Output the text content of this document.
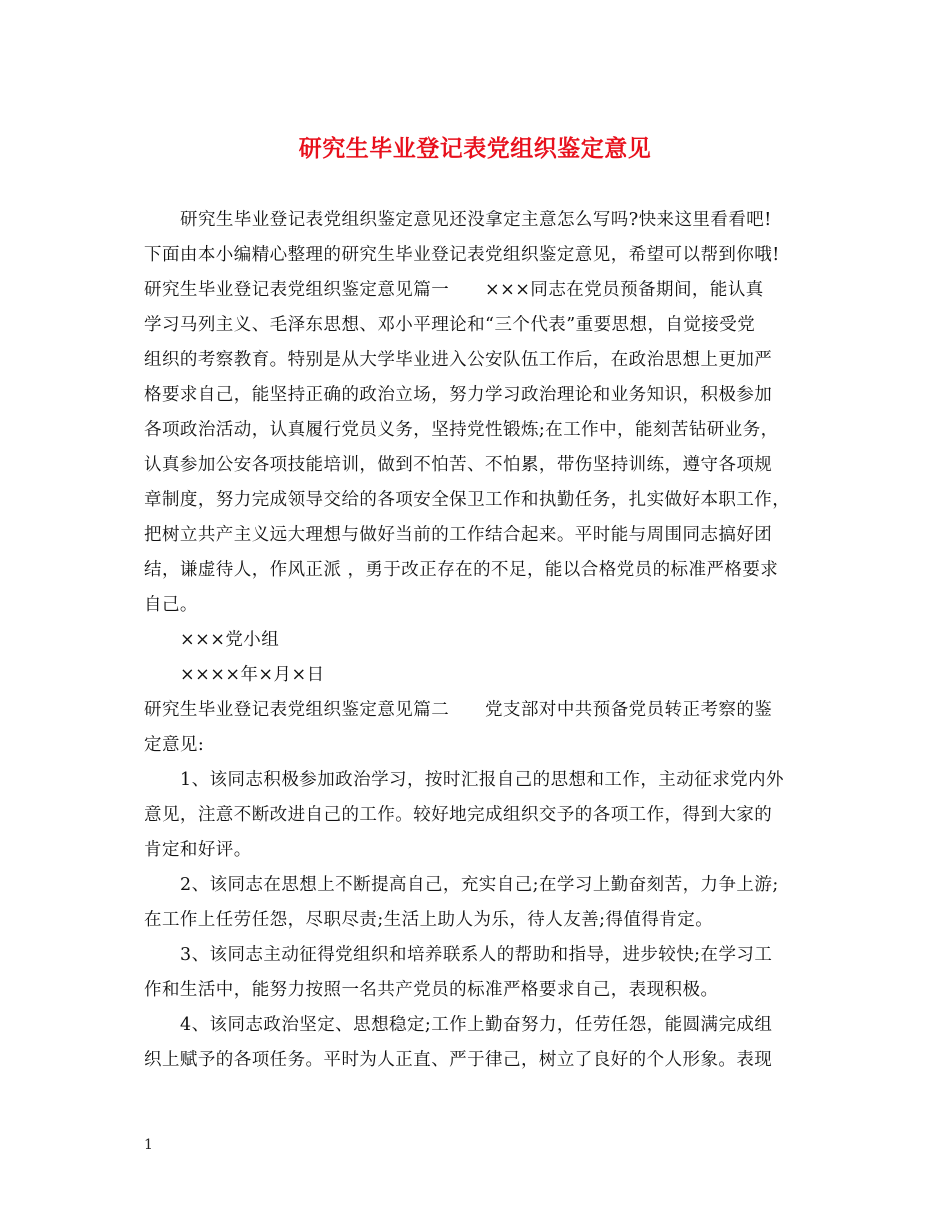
研究生毕业登记表党组织鉴定意见
研究生毕业登记表党组织鉴定意见还没拿定主意怎么写吗?快来这里看看吧!
下面由本小编精心整理的研究生毕业登记表党组织鉴定意见，希望可以帮到你哦!
研究生毕业登记表党组织鉴定意见篇一　　×××同志在党员预备期间，能认真
学习马列主义、毛泽东思想、邓小平理论和“三个代表”重要思想，自觉接受党
组织的考察教育。特别是从大学毕业进入公安队伍工作后，在政治思想上更加严
格要求自己，能坚持正确的政治立场，努力学习政治理论和业务知识，积极参加
各项政治活动，认真履行党员义务，坚持党性锻炼;在工作中，能刻苦钻研业务，
认真参加公安各项技能培训，做到不怕苦、不怕累，带伤坚持训练，遵守各项规
章制度，努力完成领导交给的各项安全保卫工作和执勤任务，扎实做好本职工作，
把树立共产主义远大理想与做好当前的工作结合起来。平时能与周围同志搞好团
结，谦虚待人，作风正派 ，勇于改正存在的不足，能以合格党员的标准严格要求
自己。
×××党小组
××××年×月×日
研究生毕业登记表党组织鉴定意见篇二　　党支部对中共预备党员转正考察的鉴
定意见:
1、该同志积极参加政治学习，按时汇报自己的思想和工作，主动征求党内外
意见，注意不断改进自己的工作。较好地完成组织交予的各项工作，得到大家的
肯定和好评。
2、该同志在思想上不断提高自己，充实自己;在学习上勤奋刻苦，力争上游;
在工作上任劳任怨，尽职尽责;生活上助人为乐，待人友善;得值得肯定。
3、该同志主动征得党组织和培养联系人的帮助和指导，进步较快;在学习工
作和生活中，能努力按照一名共产党员的标准严格要求自己，表现积极。
4、该同志政治坚定、思想稳定;工作上勤奋努力，任劳任怨，能圆满完成组
织上赋予的各项任务。平时为人正直、严于律己，树立了良好的个人形象。表现
1
